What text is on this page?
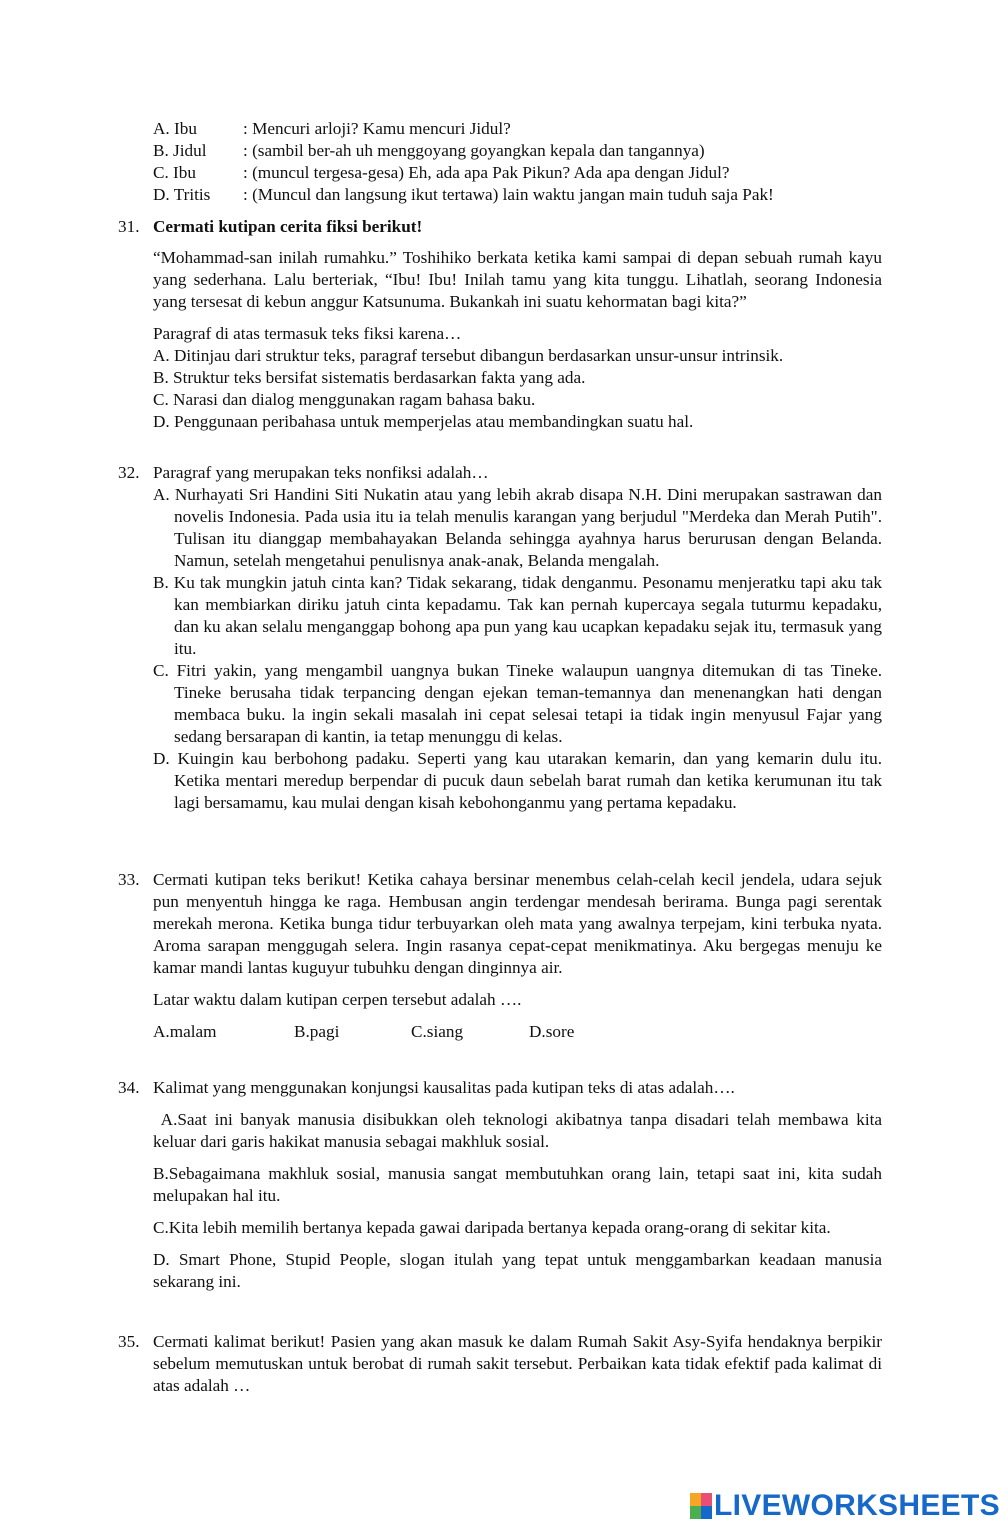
A. Ibu	: Mencuri arloji? Kamu mencuri Jidul?
B. Jidul	: (sambil ber-ah uh menggoyang goyangkan kepala dan tangannya)
C. Ibu	: (muncul tergesa-gesa) Eh, ada apa Pak Pikun? Ada apa dengan Jidul?
D. Tritis	: (Muncul dan langsung ikut tertawa) lain waktu jangan main tuduh saja Pak!
31. Cermati kutipan cerita fiksi berikut!
“Mohammad-san inilah rumahku.” Toshihiko berkata ketika kami sampai di depan sebuah rumah kayu yang sederhana. Lalu berteriak, “Ibu! Ibu! Inilah tamu yang kita tunggu. Lihatlah, seorang Indonesia yang tersesat di kebun anggur Katsunuma. Bukankah ini suatu kehormatan bagi kita?”
Paragraf di atas termasuk teks fiksi karena…
A. Ditinjau dari struktur teks, paragraf tersebut dibangun berdasarkan unsur-unsur intrinsik.
B. Struktur teks bersifat sistematis berdasarkan fakta yang ada.
C. Narasi dan dialog menggunakan ragam bahasa baku.
D. Penggunaan peribahasa untuk memperjelas atau membandingkan suatu hal.
32. Paragraf yang merupakan teks nonfiksi adalah…
A. Nurhayati Sri Handini Siti Nukatin atau yang lebih akrab disapa N.H. Dini merupakan sastrawan dan novelis Indonesia. Pada usia itu ia telah menulis karangan yang berjudul "Merdeka dan Merah Putih". Tulisan itu dianggap membahayakan Belanda sehingga ayahnya harus berurusan dengan Belanda. Namun, setelah mengetahui penulisnya anak-anak, Belanda mengalah.
B. Ku tak mungkin jatuh cinta kan? Tidak sekarang, tidak denganmu. Pesonamu menjeratku tapi aku tak kan membiarkan diriku jatuh cinta kepadamu. Tak kan pernah kupercaya segala tuturmu kepadaku, dan ku akan selalu menganggap bohong apa pun yang kau ucapkan kepadaku sejak itu, termasuk yang itu.
C. Fitri yakin, yang mengambil uangnya bukan Tineke walaupun uangnya ditemukan di tas Tineke. Tineke berusaha tidak terpancing dengan ejekan teman-temannya dan menenangkan hati dengan membaca buku. la ingin sekali masalah ini cepat selesai tetapi ia tidak ingin menyusul Fajar yang sedang bersarapan di kantin, ia tetap menunggu di kelas.
D. Kuingin kau berbohong padaku. Seperti yang kau utarakan kemarin, dan yang kemarin dulu itu. Ketika mentari meredup berpendar di pucuk daun sebelah barat rumah dan ketika kerumunan itu tak lagi bersamamu, kau mulai dengan kisah kebohonganmu yang pertama kepadaku.
33. Cermati kutipan teks berikut! Ketika cahaya bersinar menembus celah-celah kecil jendela, udara sejuk pun menyentuh hingga ke raga. Hembusan angin terdengar mendesah berirama. Bunga pagi serentak merekah merona. Ketika bunga tidur terbuyarkan oleh mata yang awalnya terpejam, kini terbuka nyata. Aroma sarapan menggugah selera. Ingin rasanya cepat-cepat menikmatinya. Aku bergegas menuju ke kamar mandi lantas kuguyur tubuhku dengan dinginnya air.
Latar waktu dalam kutipan cerpen tersebut adalah ….
A.malam	B.pagi	C.siang	D.sore
34. Kalimat yang menggunakan konjungsi kausalitas pada kutipan teks di atas adalah….
A.Saat ini banyak manusia disibukkan oleh teknologi akibatnya tanpa disadari telah membawa kita keluar dari garis hakikat manusia sebagai makhluk sosial.
B.Sebagaimana makhluk sosial, manusia sangat membutuhkan orang lain, tetapi saat ini, kita sudah melupakan hal itu.
C.Kita lebih memilih bertanya kepada gawai daripada bertanya kepada orang-orang di sekitar kita.
D. Smart Phone, Stupid People, slogan itulah yang tepat untuk menggambarkan keadaan manusia sekarang ini.
35. Cermati kalimat berikut! Pasien yang akan masuk ke dalam Rumah Sakit Asy-Syifa hendaknya berpikir sebelum memutuskan untuk berobat di rumah sakit tersebut. Perbaikan kata tidak efektif pada kalimat di atas adalah …
LIVEWORKSHEETS
